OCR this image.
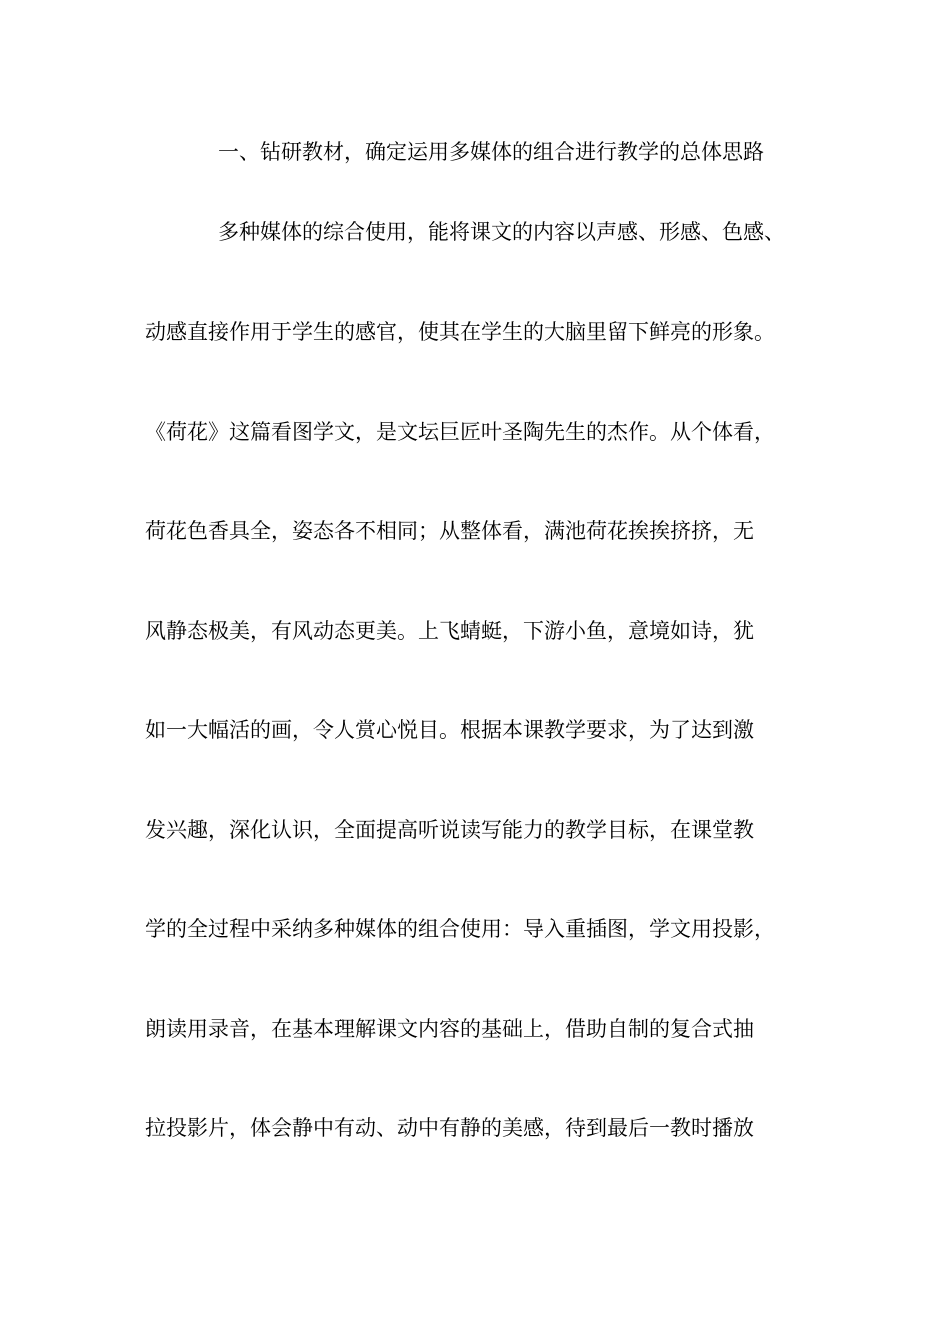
一、钻研教材，确定运用多媒体的组合进行教学的总体思路
多种媒体的综合使用，能将课文的内容以声感、形感、色感、
动感直接作用于学生的感官，使其在学生的大脑里留下鲜亮的形象。
《荷花》这篇看图学文，是文坛巨匠叶圣陶先生的杰作。从个体看，
荷花色香具全，姿态各不相同；从整体看，满池荷花挨挨挤挤，无
风静态极美，有风动态更美。上飞蜻蜓，下游小鱼，意境如诗，犹
如一大幅活的画，令人赏心悦目。根据本课教学要求，为了达到激
发兴趣，深化认识，全面提高听说读写能力的教学目标，在课堂教
学的全过程中采纳多种媒体的组合使用：导入重插图，学文用投影，
朗读用录音，在基本理解课文内容的基础上，借助自制的复合式抽
拉投影片，体会静中有动、动中有静的美感，待到最后一教时播放
